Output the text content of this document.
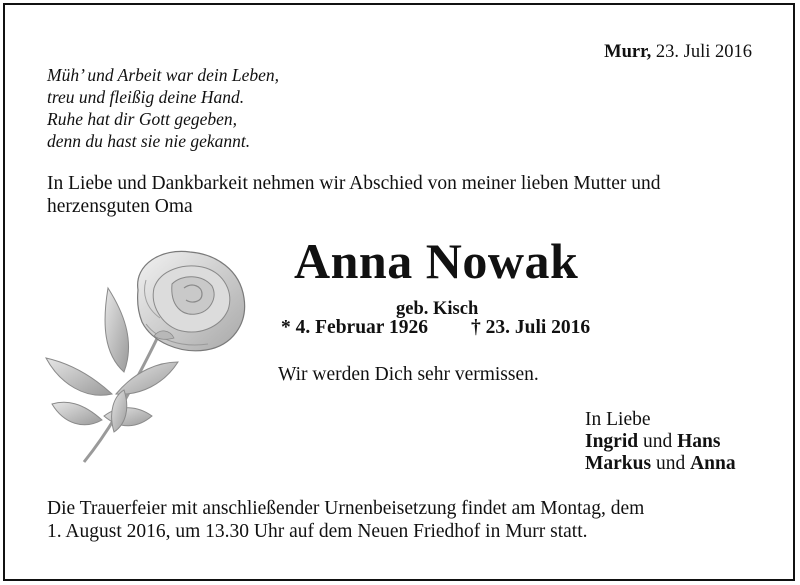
Murr, 23. Juli 2016
Müh’ und Arbeit war dein Leben,
treu und fleißig deine Hand.
Ruhe hat dir Gott gegeben,
denn du hast sie nie gekannt.
In Liebe und Dankbarkeit nehmen wir Abschied von meiner lieben Mutter und
herzensguten Oma
Anna Nowak
geb. Kisch
* 4. Februar 1926 † 23. Juli 2016
Wir werden Dich sehr vermissen.
In Liebe
Ingrid und Hans
Markus und Anna
Die Trauerfeier mit anschließender Urnenbeisetzung findet am Montag, dem
1. August 2016, um 13.30 Uhr auf dem Neuen Friedhof in Murr statt.
